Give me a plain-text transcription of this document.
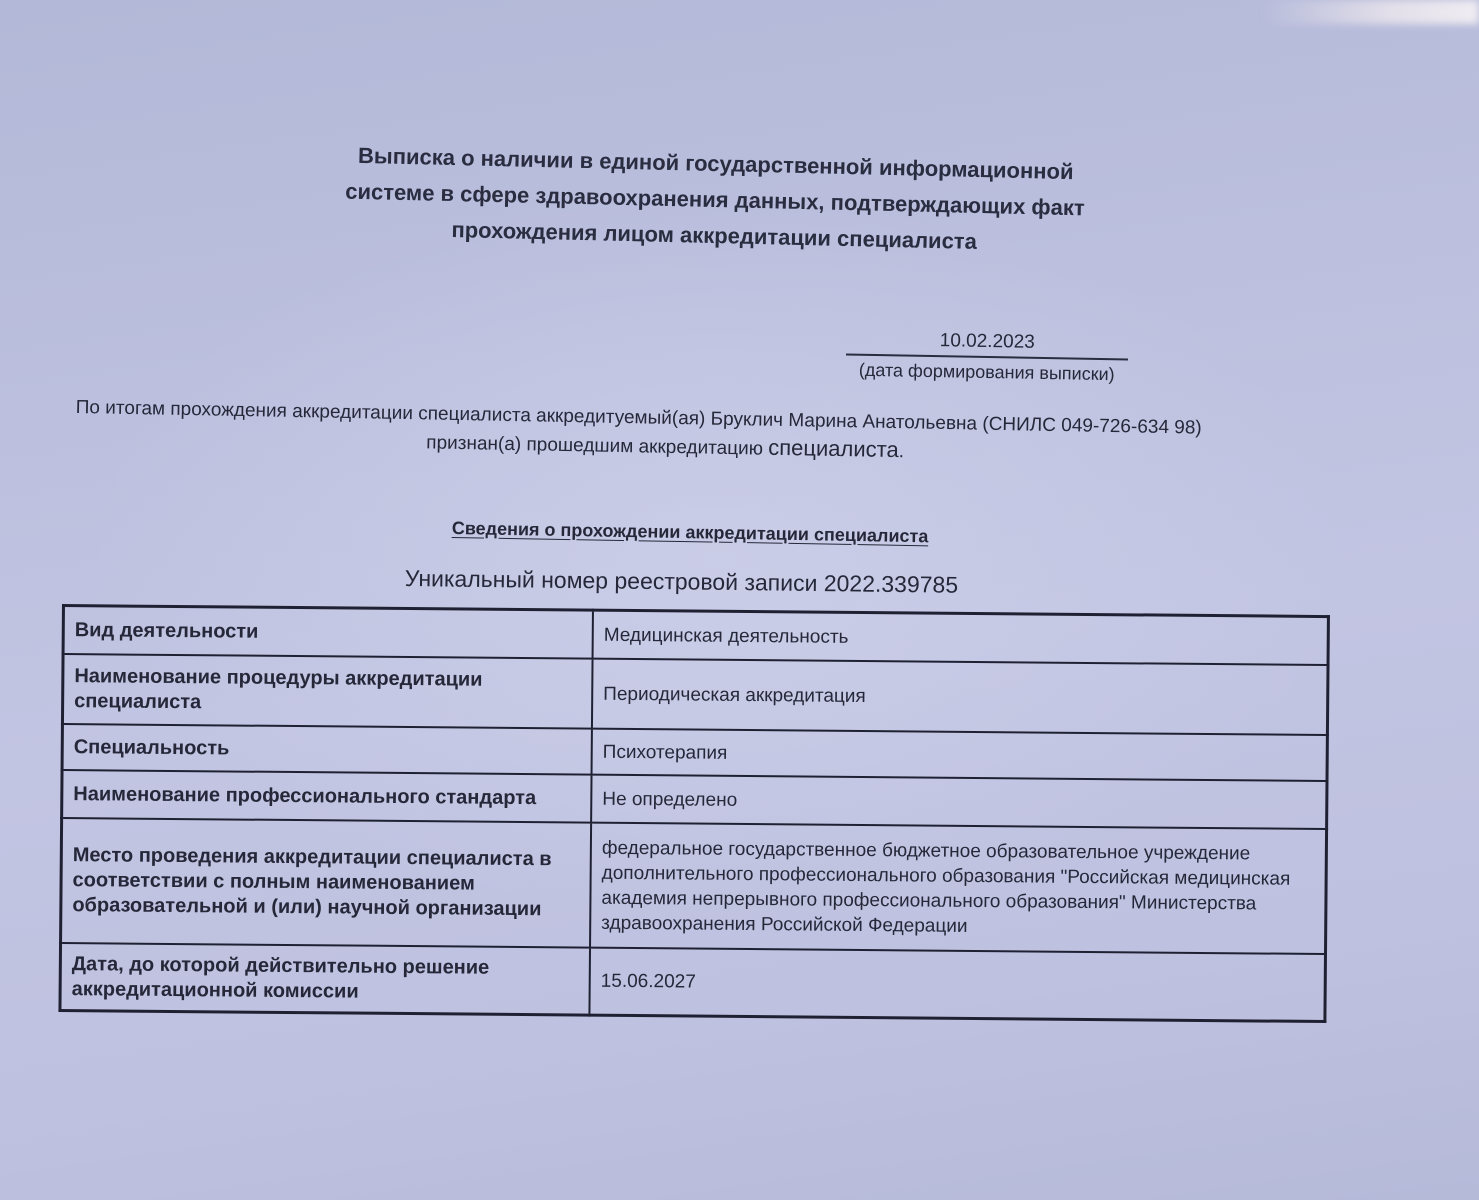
Выписка о наличии в единой государственной информационной
системе в сфере здравоохранения данных, подтверждающих факт
прохождения лицом аккредитации специалиста
10.02.2023
(дата формирования выписки)
По итогам прохождения аккредитации специалиста аккредитуемый(ая) Бруклич Марина Анатольевна (СНИЛС 049-726-634 98)
признан(а) прошедшим аккредитацию специалиста.
Сведения о прохождении аккредитации специалиста
Уникальный номер реестровой записи 2022.339785
Вид деятельности	Медицинская деятельность
Наименование процедуры аккредитации специалиста	Периодическая аккредитация
Специальность	Психотерапия
Наименование профессионального стандарта	Не определено
Место проведения аккредитации специалиста в соответствии с полным наименованием образовательной и (или) научной организации	федеральное государственное бюджетное образовательное учреждение дополнительного профессионального образования "Российская медицинская академия непрерывного профессионального образования" Министерства здравоохранения Российской Федерации
Дата, до которой действительно решение аккредитационной комиссии	15.06.2027
